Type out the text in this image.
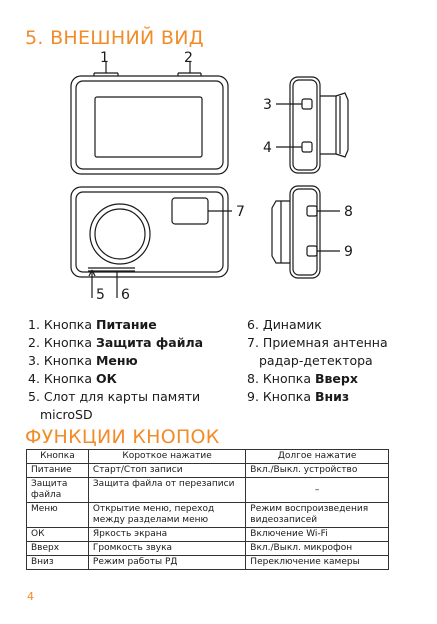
5. ВНЕШНИЙ ВИД
1	2
3
4
7	8
9
5 6
1. Кнопка Питание
2. Кнопка Защита файла
3. Кнопка Меню
4. Кнопка ОК
5. Слот для карты памяти
microSD
6. Динамик
7. Приемная антенна
радар-детектора
8. Кнопка Вверх
9. Кнопка Вниз
ФУНКЦИИ КНОПОК
Кнопка	Короткое нажатие	Долгое нажатие
Питание	Старт/Стоп записи	Вкл./Выкл. устройство
Защита файла	Защита файла от перезаписи	–
Меню	Открытие меню, переход между разделами меню	Режим воспроизведения видеозаписей
ОК	Яркость экрана	Включение Wi-Fi
Вверх	Громкость звука	Вкл./Выкл. микрофон
Вниз	Режим работы РД	Переключение камеры
4
